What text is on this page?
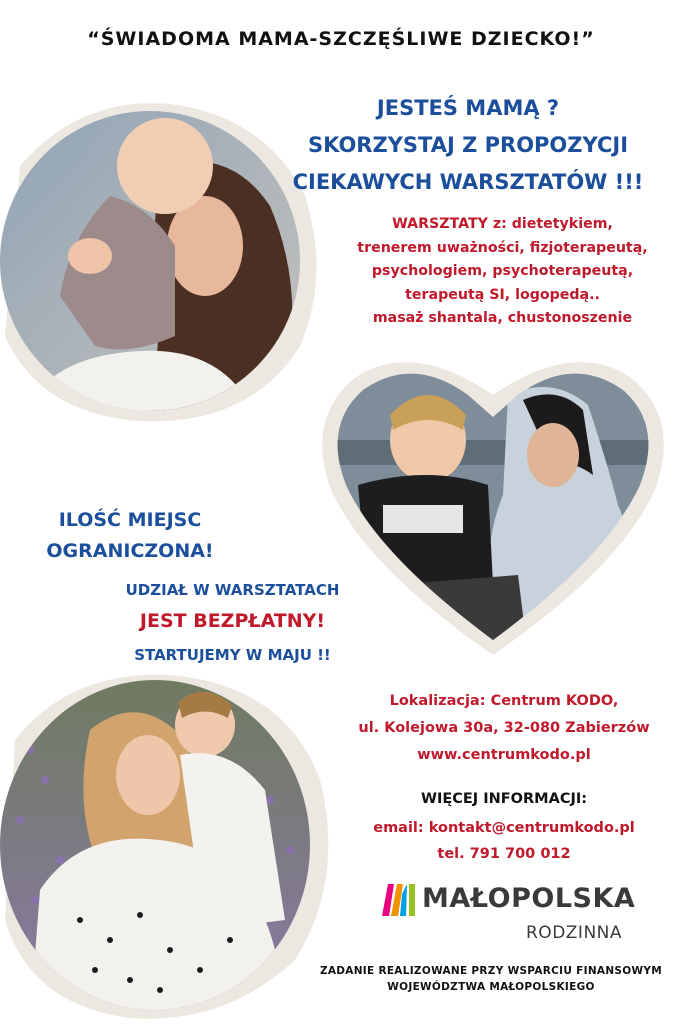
“ŚWIADOMA MAMA-SZCZĘŚLIWE DZIECKO!”
JESTEŚ MAMĄ ?
SKORZYSTAJ Z PROPOZYCJI
CIEKAWYCH WARSZTATÓW !!!
WARSZTATY z: dietetykiem,
trenerem uważności, fizjoterapeutą,
psychologiem, psychoterapeutą,
terapeutą SI, logopedą..
masaż shantala, chustonoszenie
ILOŚĆ MIEJSC
OGRANICZONA!
UDZIAŁ W WARSZTATACH
JEST BEZPŁATNY!
STARTUJEMY W MAJU !!
Lokalizacja: Centrum KODO,
ul. Kolejowa 30a, 32-080 Zabierzów
www.centrumkodo.pl
WIĘCEJ INFORMACJI:
email: kontakt@centrumkodo.pl
tel. 791 700 012
MAŁOPOLSKA
RODZINNA
ZADANIE REALIZOWANE PRZY WSPARCIU FINANSOWYM
WOJEWÓDZTWA MAŁOPOLSKIEGO
